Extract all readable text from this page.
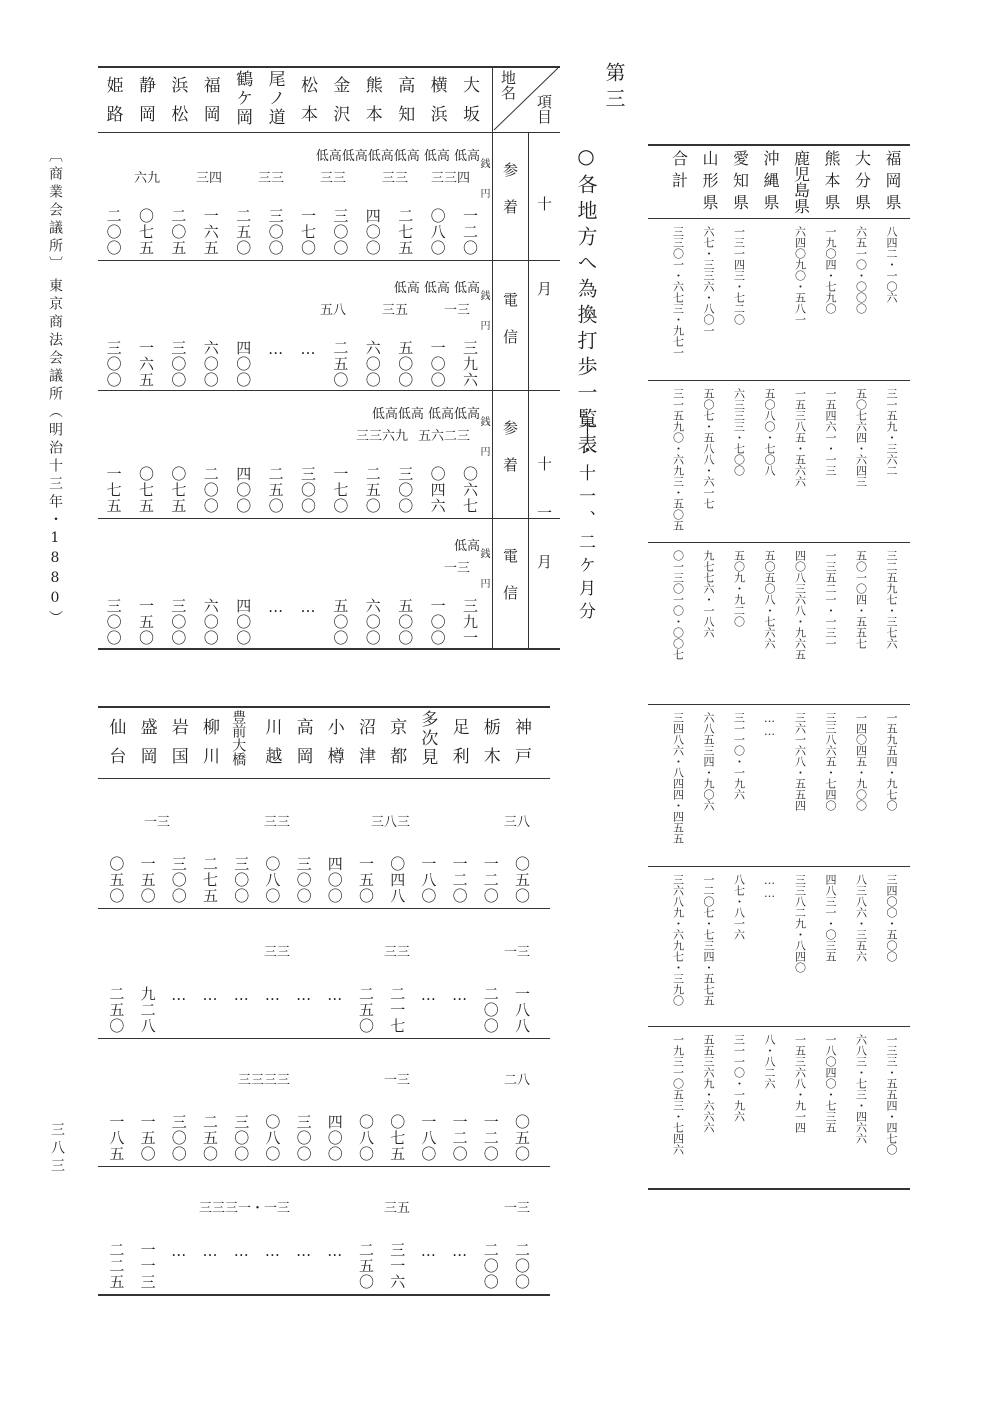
第三
○各地方へ為換打歩一覧表
十・十一、二ケ月分
〔商業会議所〕
東京商法会議所（明治十三年・1880）
三八三
地名
項目
十月
十一月
参着
電信
参着
電信
大坂
横浜
高知
熊本
金沢
松本
尾ノ道
鶴ケ岡
福岡
浜松
静岡
姫路
一二〇
〇八〇
二七五
四〇〇
三〇〇
一七〇
三〇〇
二五〇
一六五
二〇五
〇七五
二〇〇
三九六
一〇〇
五〇〇
六〇〇
二五〇
…
…
四〇〇
六〇〇
三〇〇
一六五
三〇〇
〇六七
〇四六
三〇〇
二五〇
一七〇
三〇〇
二五〇
四〇〇
二〇〇
〇七五
〇七五
一七五
三九一
一〇〇
五〇〇
六〇〇
五〇〇
…
…
四〇〇
六〇〇
三〇〇
一五〇
三〇〇
低高低高低高低高 低高 低高
三三四
三三
三三
三三
三四
六九
銭
円
低高 低高 低高
一三
三五
五八
銭
円
低高低高 低高低高
五六二三
三三六九
銭
円
低高
一三
銭
円
神戸
栃木
足利
多次見
京都
沼津
小樽
高岡
川越
豊前大橋
柳川
岩国
盛岡
仙台
〇五〇
一二〇
一二〇
一八〇
〇四八
一五〇
四〇〇
三〇〇
〇八〇
三〇〇
二七五
三〇〇
一五〇
〇五〇
一八八
二〇〇
…
…
二一七
二五〇
…
…
…
…
…
…
九二八
二五〇
〇五〇
一二〇
一二〇
一八〇
〇七五
〇八〇
四〇〇
三〇〇
〇八〇
三〇〇
二五〇
三〇〇
一五〇
一八五
二〇〇
二〇〇
…
…
三一六
二五〇
…
…
…
…
…
…
一一三
二二五
三八
三八三
三三
一三
一三
三三
三三
二八
一三
三三三三
一三
三五
三三三一・一三
福岡県
大分県
熊本県
鹿児島県
沖縄県
愛知県
山形県
合計
八四二・一〇六
六五一〇・〇〇〇
一九〇四・七九〇
六四〇九〇・五八一
一三一四三・七二〇
六七・三三六・八〇一
三三〇一・六七三・九七一
三一五九・三六二
五〇七六四・六四三
一五四六一・一三
一五三八五・五六六
五〇八〇・七〇八
六三三三・七〇〇
五〇七・五八八・六一七
三一五九〇・六九三・五〇五
三二五九七・三七六
五〇一〇四・五五七
一三五二一・一三一
四〇八三六八・九六五
五〇五〇八・七六六
五〇九・九二〇
九七七六・一八六
〇一三〇一〇・〇〇七
一五九五四・九七〇
一四〇四五・九〇〇
三三八六五・七四〇
三六一六八・五五四
……
三一一〇・一九六
六八五三四・九〇六
三四八六・八四四・四五五
三四〇〇・五〇〇
八三八六・三五六
四八三一・〇三五
三三八二九・八四〇
……
八七・八一六
一二〇七・七三四・五七五
三六八九・六九七・三九〇
一三三・五五四・四七〇
六八三・七三・四六六
一八〇四〇・七三五
一五三六八・九一四
八・八二六
三一一〇・一九六
五五三六九・六六六
一九三一〇五三・七四六
